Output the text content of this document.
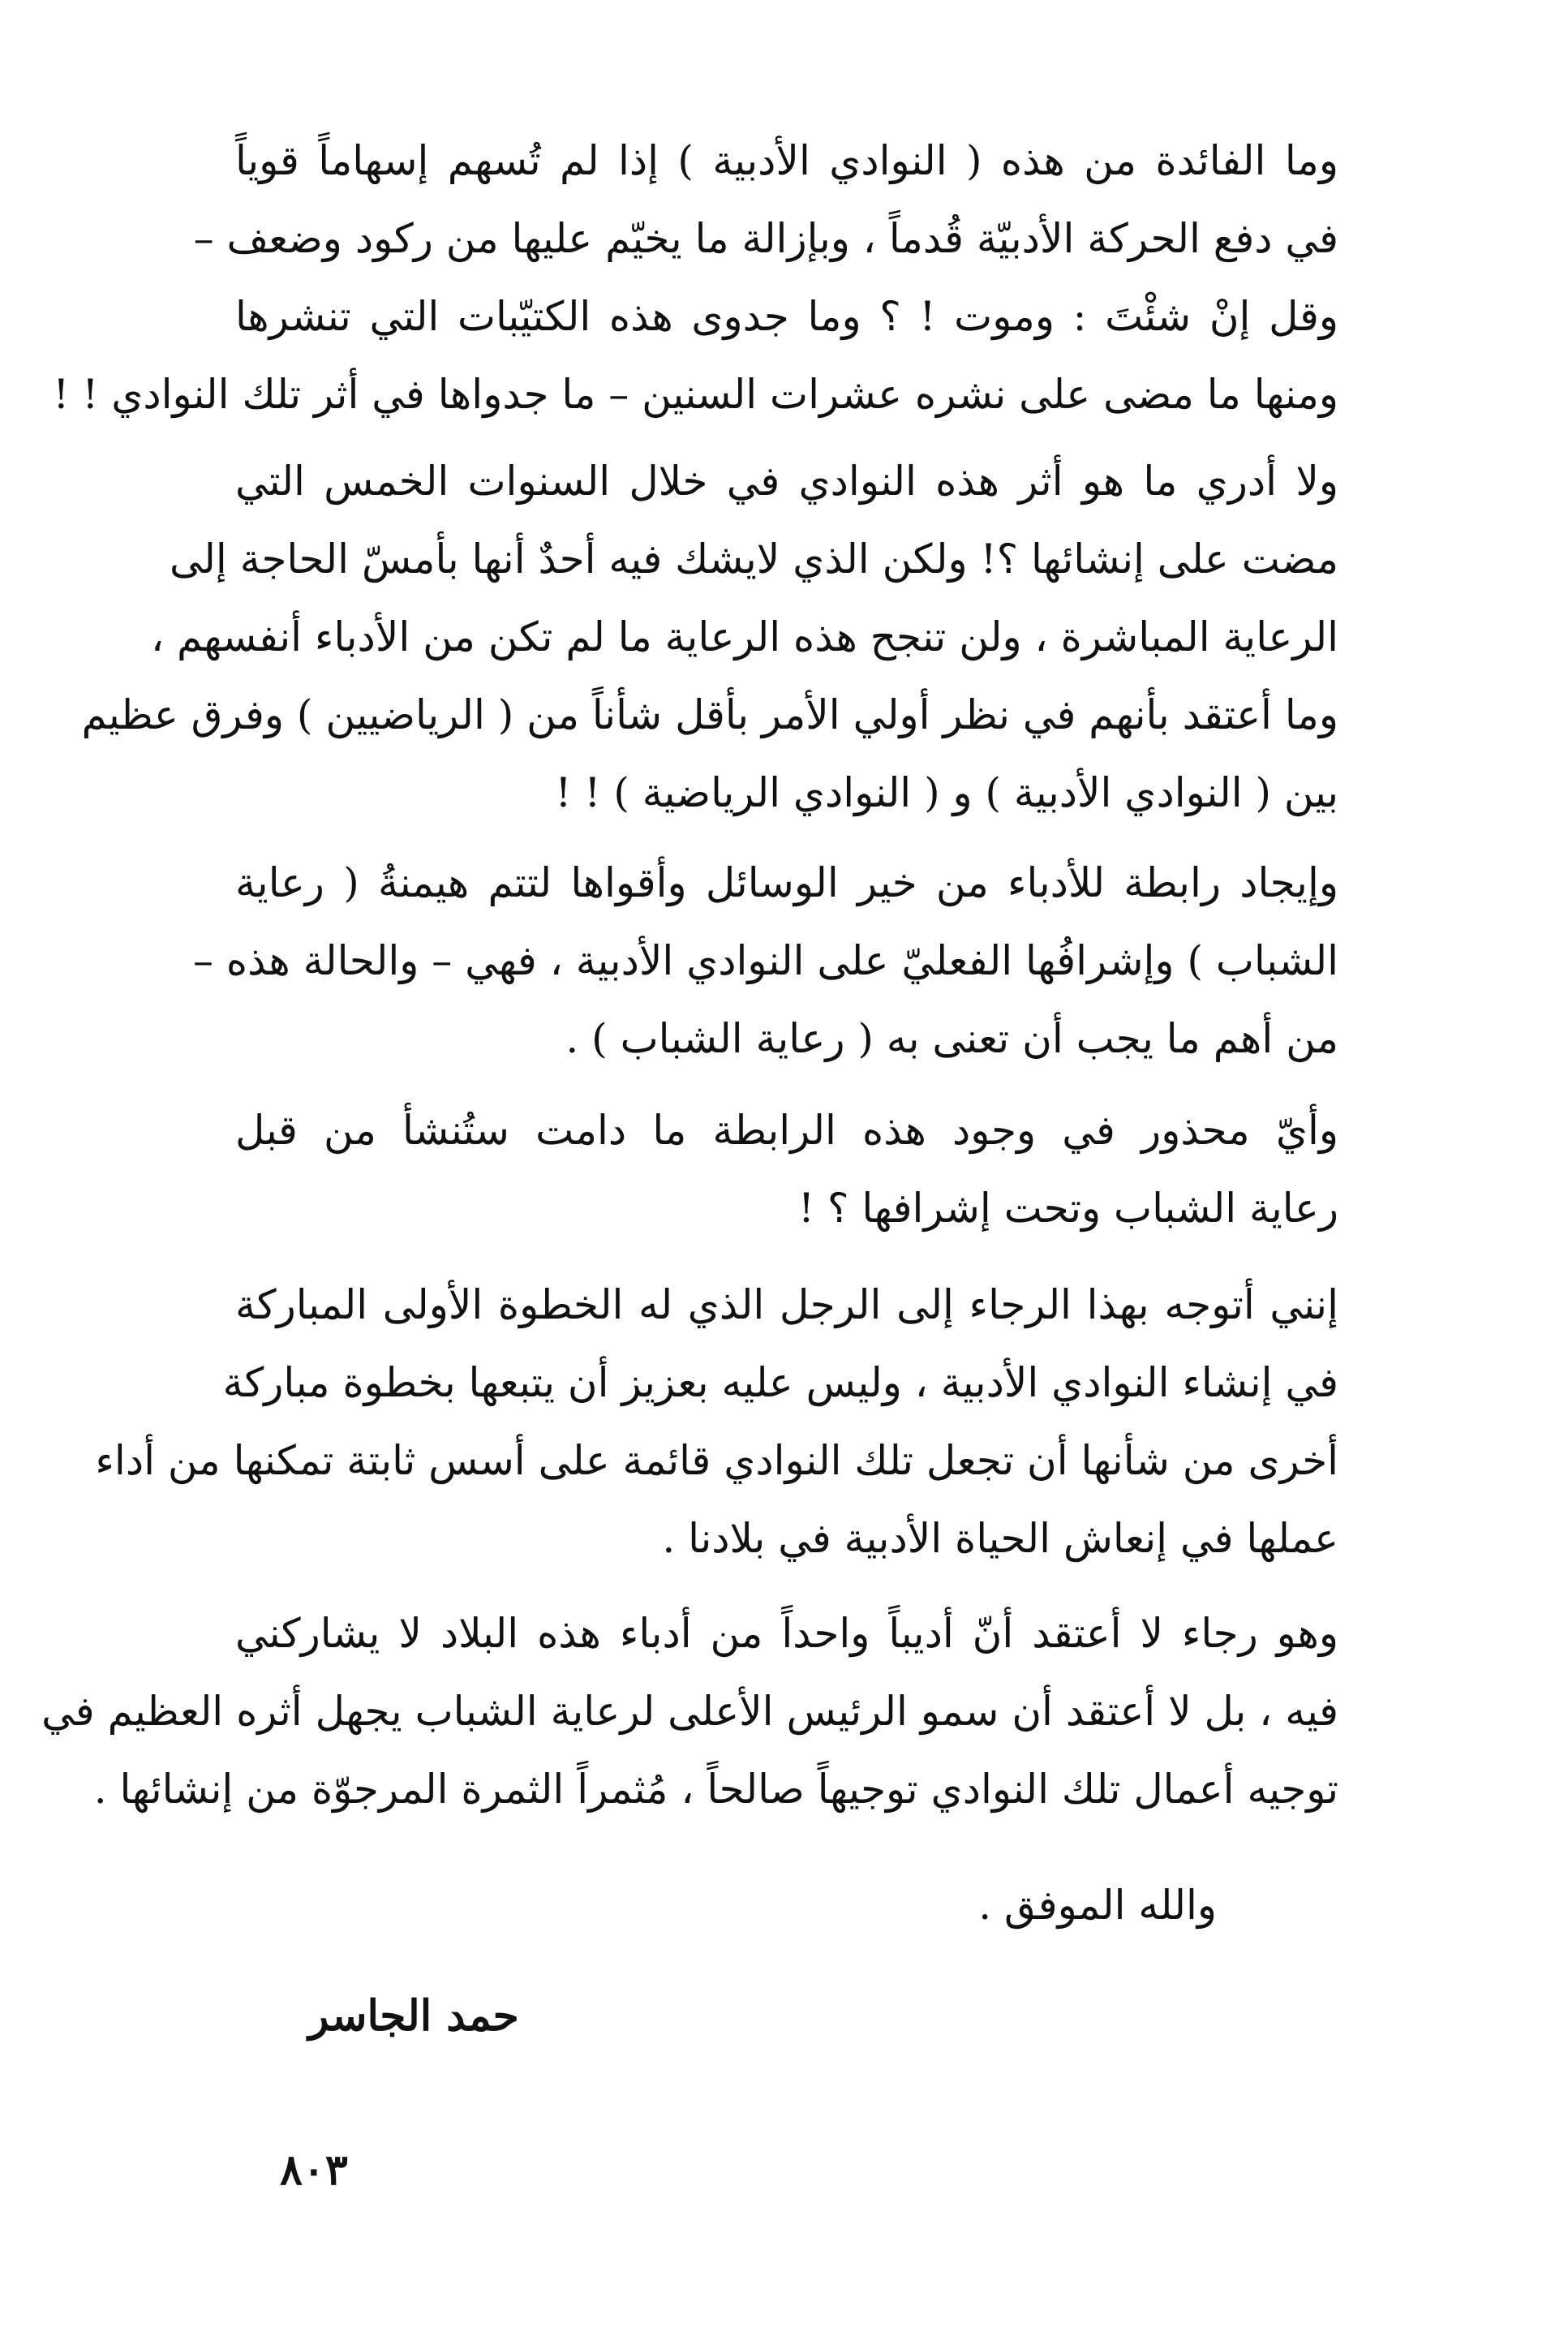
وما الفائدة من هذه ( النوادي الأدبية ) إذا لم تُسهم إسهاماً قوياً
في دفع الحركة الأدبيّة قُدماً ، وبإزالة ما يخيّم عليها من ركود وضعف –
وقل إنْ شئْتَ : وموت ! ؟ وما جدوى هذه الكتيّبات التي تنشرها
ومنها ما مضى على نشره عشرات السنين – ما جدواها في أثر تلك النوادي ! !
ولا أدري ما هو أثر هذه النوادي في خلال السنوات الخمس التي
مضت على إنشائها ؟! ولكن الذي لايشك فيه أحدٌ أنها بأمسّ الحاجة إلى
الرعاية المباشرة ، ولن تنجح هذه الرعاية ما لم تكن من الأدباء أنفسهم ،
وما أعتقد بأنهم في نظر أولي الأمر بأقل شأناً من ( الرياضيين ) وفرق عظيم
بين ( النوادي الأدبية ) و ( النوادي الرياضية ) ! !
وإيجاد رابطة للأدباء من خير الوسائل وأقواها لتتم هيمنةُ ( رعاية
الشباب ) وإشرافُها الفعليّ على النوادي الأدبية ، فهي – والحالة هذه –
من أهم ما يجب أن تعنى به ( رعاية الشباب ) .
وأيّ محذور في وجود هذه الرابطة ما دامت ستُنشأ من قبل
رعاية الشباب وتحت إشرافها ؟ !
إنني أتوجه بهذا الرجاء إلى الرجل الذي له الخطوة الأولى المباركة
في إنشاء النوادي الأدبية ، وليس عليه بعزيز أن يتبعها بخطوة مباركة
أخرى من شأنها أن تجعل تلك النوادي قائمة على أسس ثابتة تمكنها من أداء
عملها في إنعاش الحياة الأدبية في بلادنا .
وهو رجاء لا أعتقد أنّ أديباً واحداً من أدباء هذه البلاد لا يشاركني
فيه ، بل لا أعتقد أن سمو الرئيس الأعلى لرعاية الشباب يجهل أثره العظيم في
توجيه أعمال تلك النوادي توجيهاً صالحاً ، مُثمراً الثمرة المرجوّة من إنشائها .
والله الموفق .
حمد الجاسر
٨٠٣
